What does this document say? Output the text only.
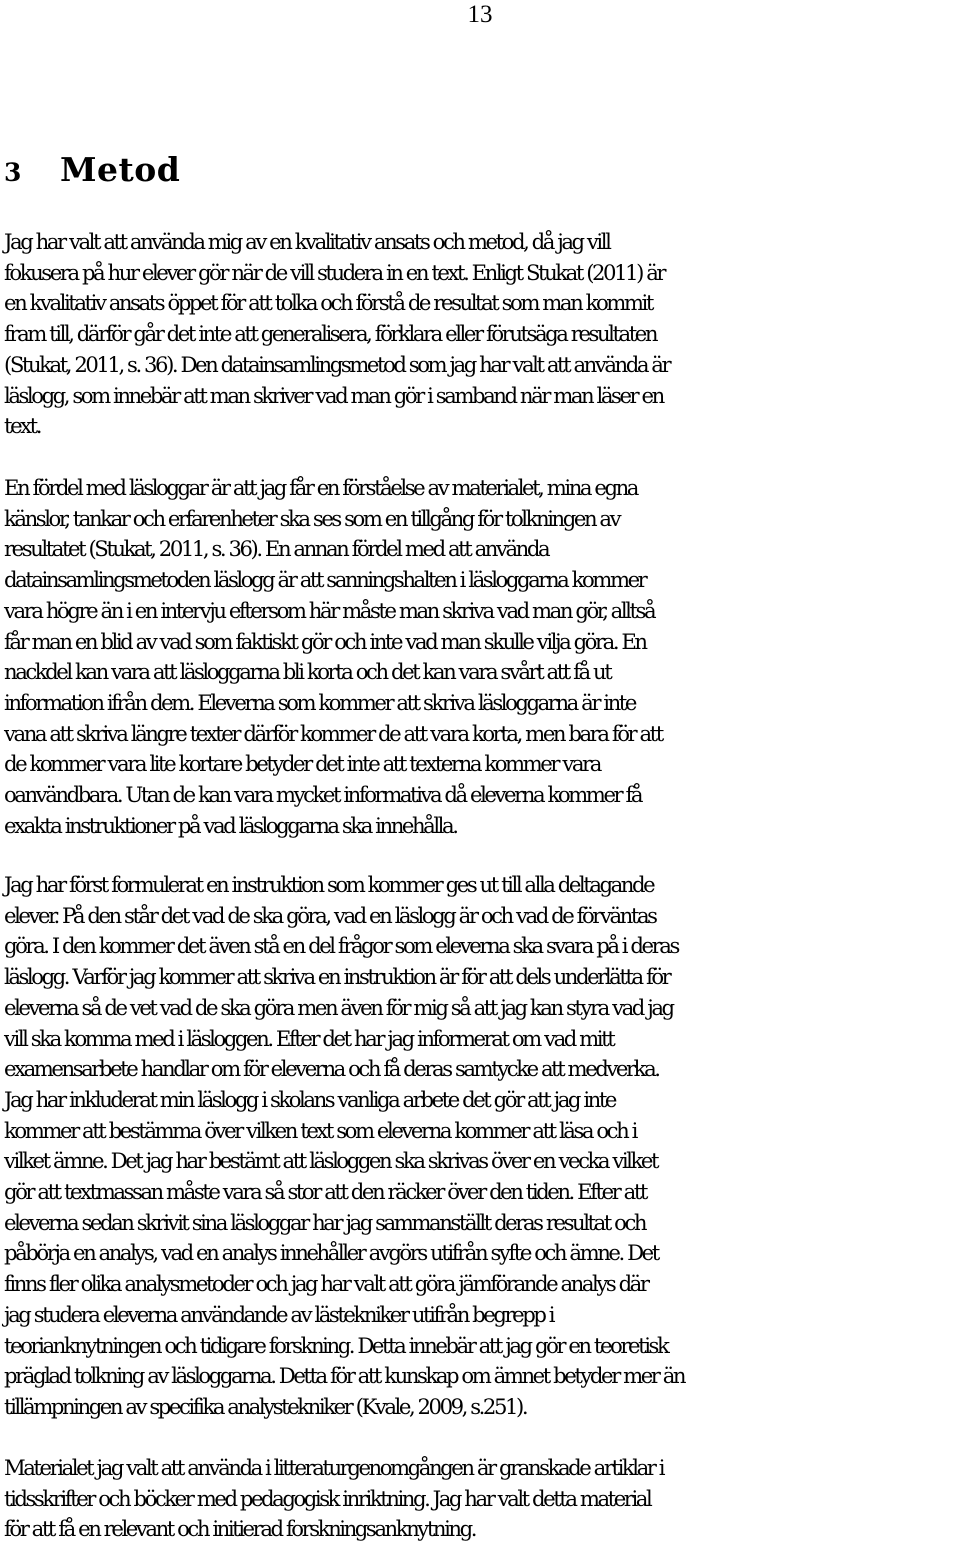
13
3	Metod

Jag har valt att använda mig av en kvalitativ ansats och metod, då jag vill
fokusera på hur elever gör när de vill studera in en text. Enligt Stukat (2011) är
en kvalitativ ansats öppet för att tolka och förstå de resultat som man kommit
fram till, därför går det inte att generalisera, förklara eller förutsäga resultaten
(Stukat, 2011, s. 36). Den datainsamlingsmetod som jag har valt att använda är
läslogg, som innebär att man skriver vad man gör i samband när man läser en
text.

En fördel med läsloggar är att jag får en förståelse av materialet, mina egna
känslor, tankar och erfarenheter ska ses som en tillgång för tolkningen av
resultatet (Stukat, 2011, s. 36). En annan fördel med att använda
datainsamlingsmetoden läslogg är att sanningshalten i läsloggarna kommer
vara högre än i en intervju eftersom här måste man skriva vad man gör, alltså
får man en blid av vad som faktiskt gör och inte vad man skulle vilja göra. En
nackdel kan vara att läsloggarna bli korta och det kan vara svårt att få ut
information ifrån dem. Eleverna som kommer att skriva läsloggarna är inte
vana att skriva längre texter därför kommer de att vara korta, men bara för att
de kommer vara lite kortare betyder det inte att texterna kommer vara
oanvändbara. Utan de kan vara mycket informativa då eleverna kommer få
exakta instruktioner på vad läsloggarna ska innehålla.

Jag har först formulerat en instruktion som kommer ges ut till alla deltagande
elever. På den står det vad de ska göra, vad en läslogg är och vad de förväntas
göra. I den kommer det även stå en del frågor som eleverna ska svara på i deras
läslogg. Varför jag kommer att skriva en instruktion är för att dels underlätta för
eleverna så de vet vad de ska göra men även för mig så att jag kan styra vad jag
vill ska komma med i läsloggen. Efter det har jag informerat om vad mitt
examensarbete handlar om för eleverna och få deras samtycke att medverka.
Jag har inkluderat min läslogg i skolans vanliga arbete det gör att jag inte
kommer att bestämma över vilken text som eleverna kommer att läsa och i
vilket ämne. Det jag har bestämt att läsloggen ska skrivas över en vecka vilket
gör att textmassan måste vara så stor att den räcker över den tiden. Efter att
eleverna sedan skrivit sina läsloggar har jag sammanställt deras resultat och
påbörja en analys, vad en analys innehåller avgörs utifrån syfte och ämne. Det
finns fler olika analysmetoder och jag har valt att göra jämförande analys där
jag studera eleverna användande av lästekniker utifrån begrepp i
teorianknytningen och tidigare forskning. Detta innebär att jag gör en teoretisk
präglad tolkning av läsloggarna. Detta för att kunskap om ämnet betyder mer än
tillämpningen av specifika analystekniker (Kvale, 2009, s.251).

Materialet jag valt att använda i litteraturgenomgången är granskade artiklar i
tidsskrifter och böcker med pedagogisk inriktning. Jag har valt detta material
för att få en relevant och initierad forskningsanknytning.
